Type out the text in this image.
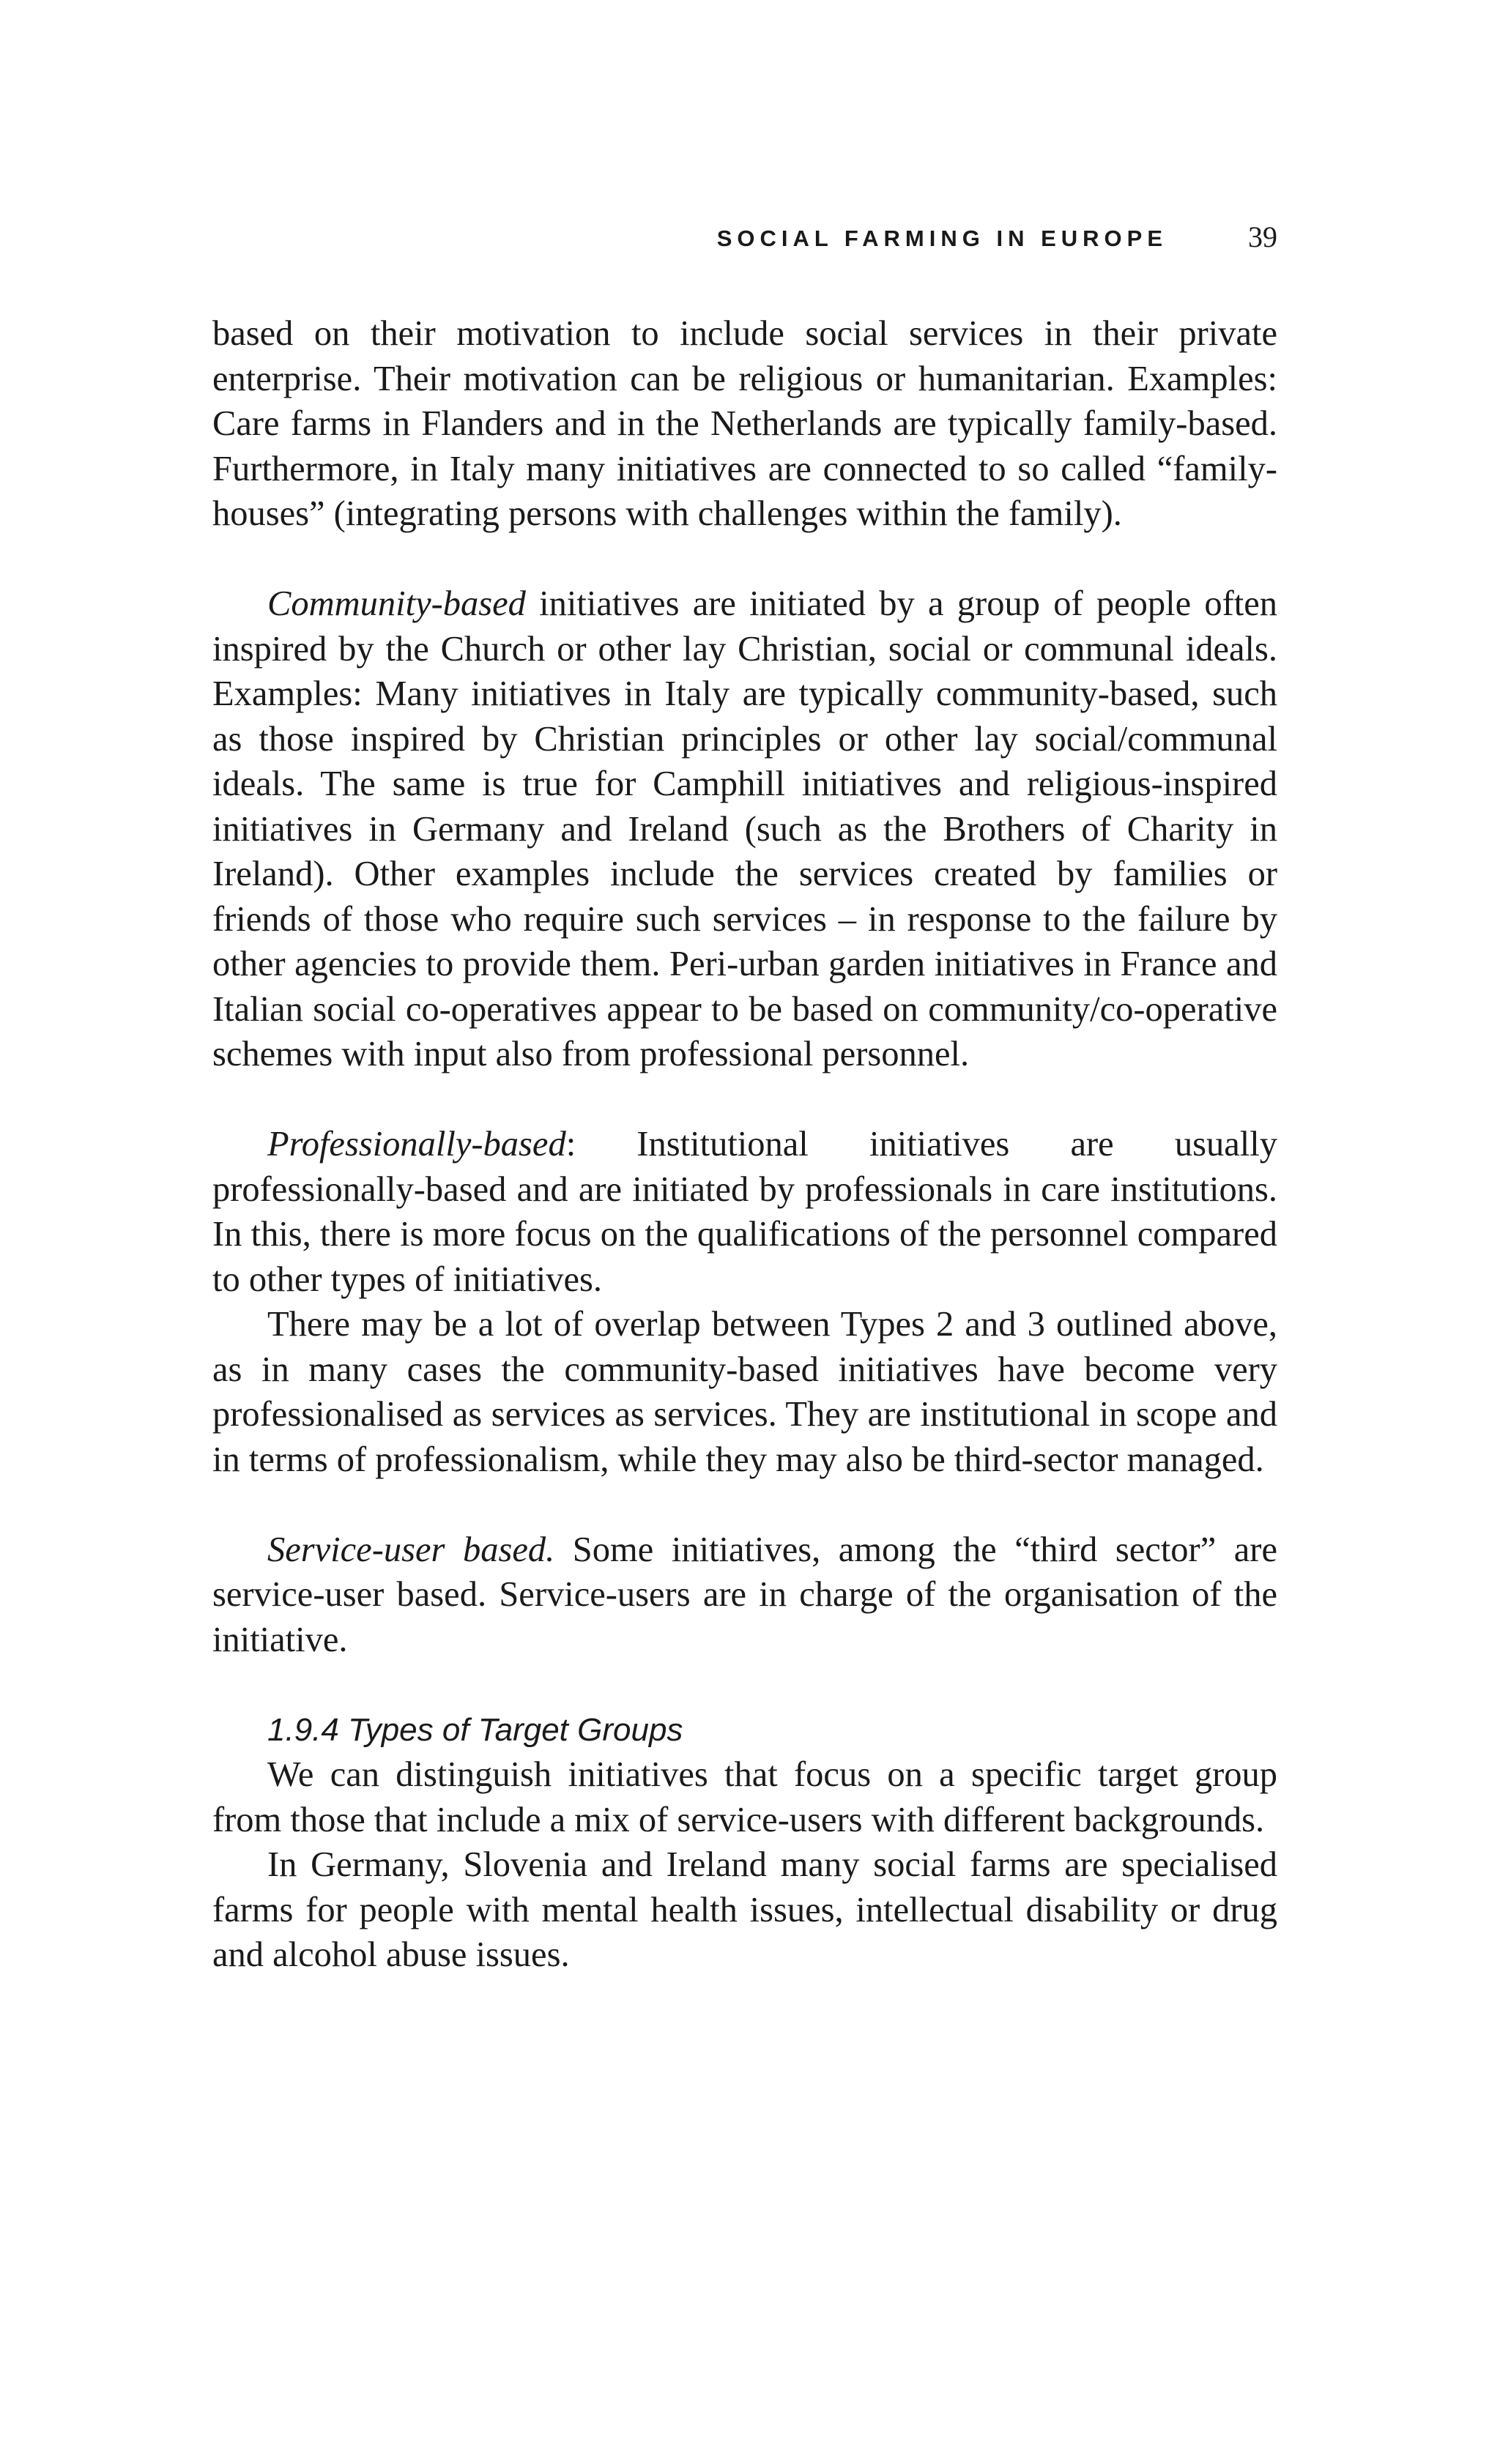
SOCIAL FARMING IN EUROPE	39

based on their motivation to include social services in their private enterprise. Their motivation can be religious or humanitarian. Examples: Care farms in Flanders and in the Netherlands are typically family-based. Furthermore, in Italy many initiatives are connected to so called “family-houses” (integrating persons with challenges within the family).

Community-based initiatives are initiated by a group of people often inspired by the Church or other lay Christian, social or communal ideals. Examples: Many initiatives in Italy are typically community-based, such as those inspired by Christian principles or other lay social/communal ideals. The same is true for Camphill initiatives and religious-inspired initiatives in Germany and Ireland (such as the Brothers of Charity in Ireland). Other examples include the services created by families or friends of those who require such services – in response to the failure by other agencies to provide them. Peri-urban garden initiatives in France and Italian social co-operatives appear to be based on community/co-operative schemes with input also from professional personnel.

Professionally-based: Institutional initiatives are usually professionally-based and are initiated by professionals in care institutions. In this, there is more focus on the qualifications of the personnel compared to other types of initiatives.

There may be a lot of overlap between Types 2 and 3 outlined above, as in many cases the community-based initiatives have become very professionalised as services as services. They are institutional in scope and in terms of professionalism, while they may also be third-sector managed.

Service-user based. Some initiatives, among the “third sector” are service-user based. Service-users are in charge of the organisation of the initiative.

1.9.4 Types of Target Groups

We can distinguish initiatives that focus on a specific target group from those that include a mix of service-users with different backgrounds.

In Germany, Slovenia and Ireland many social farms are specialised farms for people with mental health issues, intellectual disability or drug and alcohol abuse issues.
